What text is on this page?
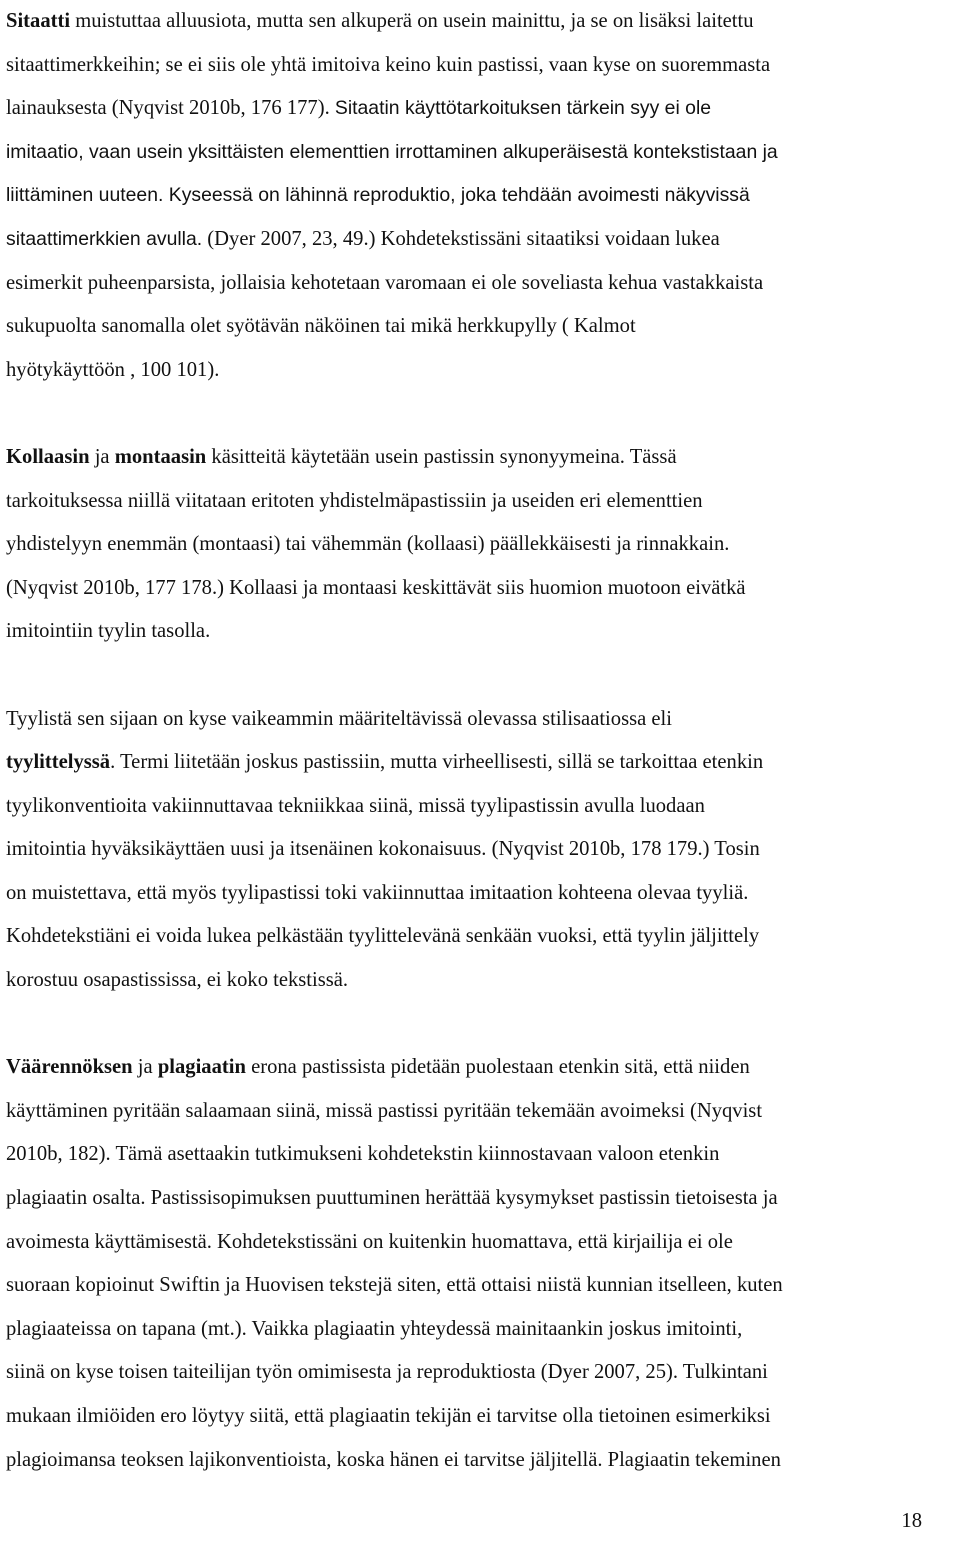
Sitaatti muistuttaa alluusiota, mutta sen alkuperä on usein mainittu, ja se on lisäksi laitettu
sitaattimerkkeihin; se ei siis ole yhtä imitoiva keino kuin pastissi, vaan kyse on suoremmasta
lainauksesta (Nyqvist 2010b, 176 177). Sitaatin käyttötarkoituksen tärkein syy ei ole
imitaatio, vaan usein yksittäisten elementtien irrottaminen alkuperäisestä kontekstistaan ja
liittäminen uuteen. Kyseessä on lähinnä reproduktio, joka tehdään avoimesti näkyvissä
sitaattimerkkien avulla. (Dyer 2007, 23, 49.) Kohdetekstissäni sitaatiksi voidaan lukea
esimerkit puheenparsista, jollaisia kehotetaan varomaan ei ole soveliasta kehua vastakkaista
sukupuolta sanomalla olet syötävän näköinen tai mikä herkkupylly ( Kalmot
hyötykäyttöön , 100 101).
Kollaasin ja montaasin käsitteitä käytetään usein pastissin synonyymeina. Tässä
tarkoituksessa niillä viitataan eritoten yhdistelmäpastissiin ja useiden eri elementtien
yhdistelyyn enemmän (montaasi) tai vähemmän (kollaasi) päällekkäisesti ja rinnakkain.
(Nyqvist 2010b, 177 178.) Kollaasi ja montaasi keskittävät siis huomion muotoon eivätkä
imitointiin tyylin tasolla.
Tyylistä sen sijaan on kyse vaikeammin määriteltävissä olevassa stilisaatiossa eli
tyylittelyssä. Termi liitetään joskus pastissiin, mutta virheellisesti, sillä se tarkoittaa etenkin
tyylikonventioita vakiinnuttavaa tekniikkaa siinä, missä tyylipastissin avulla luodaan
imitointia hyväksikäyttäen uusi ja itsenäinen kokonaisuus. (Nyqvist 2010b, 178 179.) Tosin
on muistettava, että myös tyylipastissi toki vakiinnuttaa imitaation kohteena olevaa tyyliä.
Kohdetekstiäni ei voida lukea pelkästään tyylittelevänä senkään vuoksi, että tyylin jäljittely
korostuu osapastississa, ei koko tekstissä.
Väärennöksen ja plagiaatin erona pastissista pidetään puolestaan etenkin sitä, että niiden
käyttäminen pyritään salaamaan siinä, missä pastissi pyritään tekemään avoimeksi (Nyqvist
2010b, 182). Tämä asettaakin tutkimukseni kohdetekstin kiinnostavaan valoon etenkin
plagiaatin osalta. Pastissisopimuksen puuttuminen herättää kysymykset pastissin tietoisesta ja
avoimesta käyttämisestä. Kohdetekstissäni on kuitenkin huomattava, että kirjailija ei ole
suoraan kopioinut Swiftin ja Huovisen tekstejä siten, että ottaisi niistä kunnian itselleen, kuten
plagiaateissa on tapana (mt.). Vaikka plagiaatin yhteydessä mainitaankin joskus imitointi,
siinä on kyse toisen taiteilijan työn omimisesta ja reproduktiosta (Dyer 2007, 25). Tulkintani
mukaan ilmiöiden ero löytyy siitä, että plagiaatin tekijän ei tarvitse olla tietoinen esimerkiksi
plagioimansa teoksen lajikonventioista, koska hänen ei tarvitse jäljitellä. Plagiaatin tekeminen
18
